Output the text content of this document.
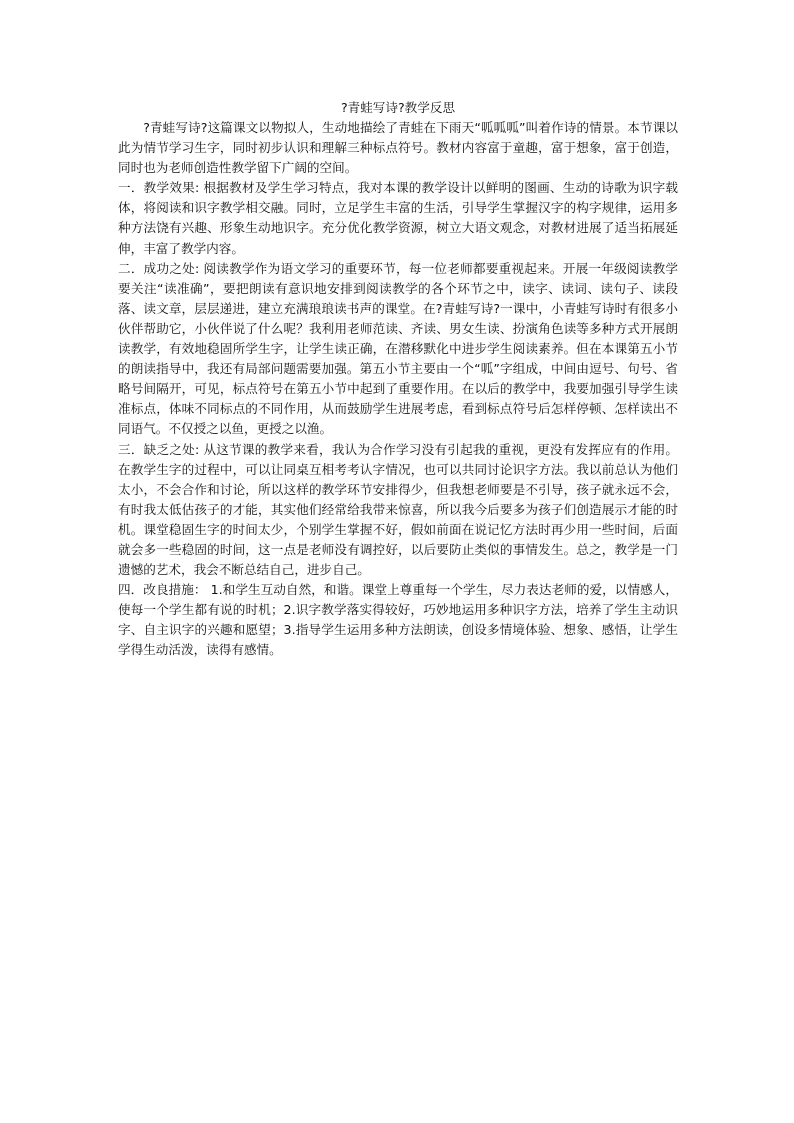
?青蛙写诗?教学反思

?青蛙写诗?这篇课文以物拟人，生动地描绘了青蛙在下雨天“呱呱呱”叫着作诗的情景。本节课以此为情节学习生字，同时初步认识和理解三种标点符号。教材内容富于童趣，富于想象，富于创造，同时也为老师创造性教学留下广阔的空间。

一．教学效果: 根据教材及学生学习特点，我对本课的教学设计以鲜明的图画、生动的诗歌为识字载体，将阅读和识字教学相交融。同时，立足学生丰富的生活，引导学生掌握汉字的构字规律，运用多种方法饶有兴趣、形象生动地识字。充分优化教学资源，树立大语文观念，对教材进展了适当拓展延伸，丰富了教学内容。

二．成功之处: 阅读教学作为语文学习的重要环节，每一位老师都要重视起来。开展一年级阅读教学要关注“读准确”，要把朗读有意识地安排到阅读教学的各个环节之中，读字、读词、读句子、读段落、读文章，层层递进，建立充满琅琅读书声的课堂。在?青蛙写诗?一课中，小青蛙写诗时有很多小伙伴帮助它，小伙伴说了什么呢？我利用老师范读、齐读、男女生读、扮演角色读等多种方式开展朗读教学，有效地稳固所学生字，让学生读正确，在潜移默化中进步学生阅读素养。但在本课第五小节的朗读指导中，我还有局部问题需要加强。第五小节主要由一个“呱”字组成，中间由逗号、句号、省略号间隔开，可见，标点符号在第五小节中起到了重要作用。在以后的教学中，我要加强引导学生读准标点，体味不同标点的不同作用，从而鼓励学生进展考虑，看到标点符号后怎样停顿、怎样读出不同语气。不仅授之以鱼，更授之以渔。

三．缺乏之处: 从这节课的教学来看，我认为合作学习没有引起我的重视，更没有发挥应有的作用。在教学生字的过程中，可以让同桌互相考考认字情况，也可以共同讨论识字方法。我以前总认为他们太小，不会合作和讨论，所以这样的教学环节安排得少，但我想老师要是不引导，孩子就永远不会，有时我太低估孩子的才能，其实他们经常给我带来惊喜，所以我今后要多为孩子们创造展示才能的时机。课堂稳固生字的时间太少，个别学生掌握不好，假如前面在说记忆方法时再少用一些时间，后面就会多一些稳固的时间，这一点是老师没有调控好，以后要防止类似的事情发生。总之，教学是一门遗憾的艺术，我会不断总结自己，进步自己。

四．改良措施： 1.和学生互动自然，和谐。课堂上尊重每一个学生，尽力表达老师的爱，以情感人，使每一个学生都有说的时机；2.识字教学落实得较好，巧妙地运用多种识字方法，培养了学生主动识字、自主识字的兴趣和愿望；3.指导学生运用多种方法朗读，创设多情境体验、想象、感悟，让学生学得生动活泼，读得有感情。
